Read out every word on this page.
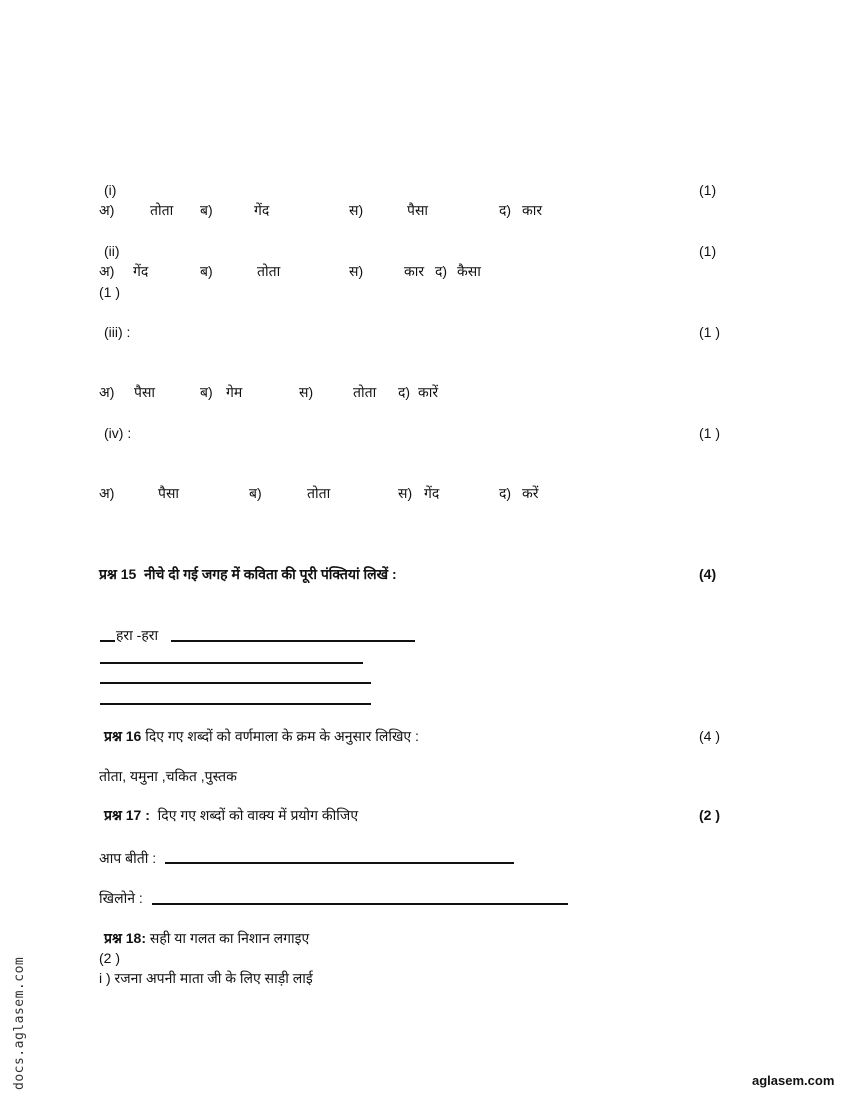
(i)	(1)
अ)	तोता ब)	गेंद	स)	पैसा	द) कार
(ii)	(1)
अ) गेंद	ब)	तोता	स)	कार द) कैसा
(1 )
(iii) :	(1 )
अ) पैसा	ब) गेम	स)	तोता द) कारें
(iv) :	(1 )
अ)	पैसा	ब)	तोता	स) गेंद	द) करें
प्रश्न 15 नीचे दी गई जगह में कविता की पूरी पंक्तियां लिखें :	(4)
हरा -हरा
प्रश्न 16 दिए गए शब्दों को वर्णमाला के क्रम के अनुसार लिखिए :	(4 )
तोता, यमुना ,चकित ,पुस्तक
प्रश्न 17 : दिए गए शब्दों को वाक्य में प्रयोग कीजिए	(2 )
आप बीती :
खिलोने :
प्रश्न 18: सही या गलत का निशान लगाइए
(2 )
i ) रजना अपनी माता जी के लिए साड़ी लाई
docs.aglasem.com	aglasem.com
